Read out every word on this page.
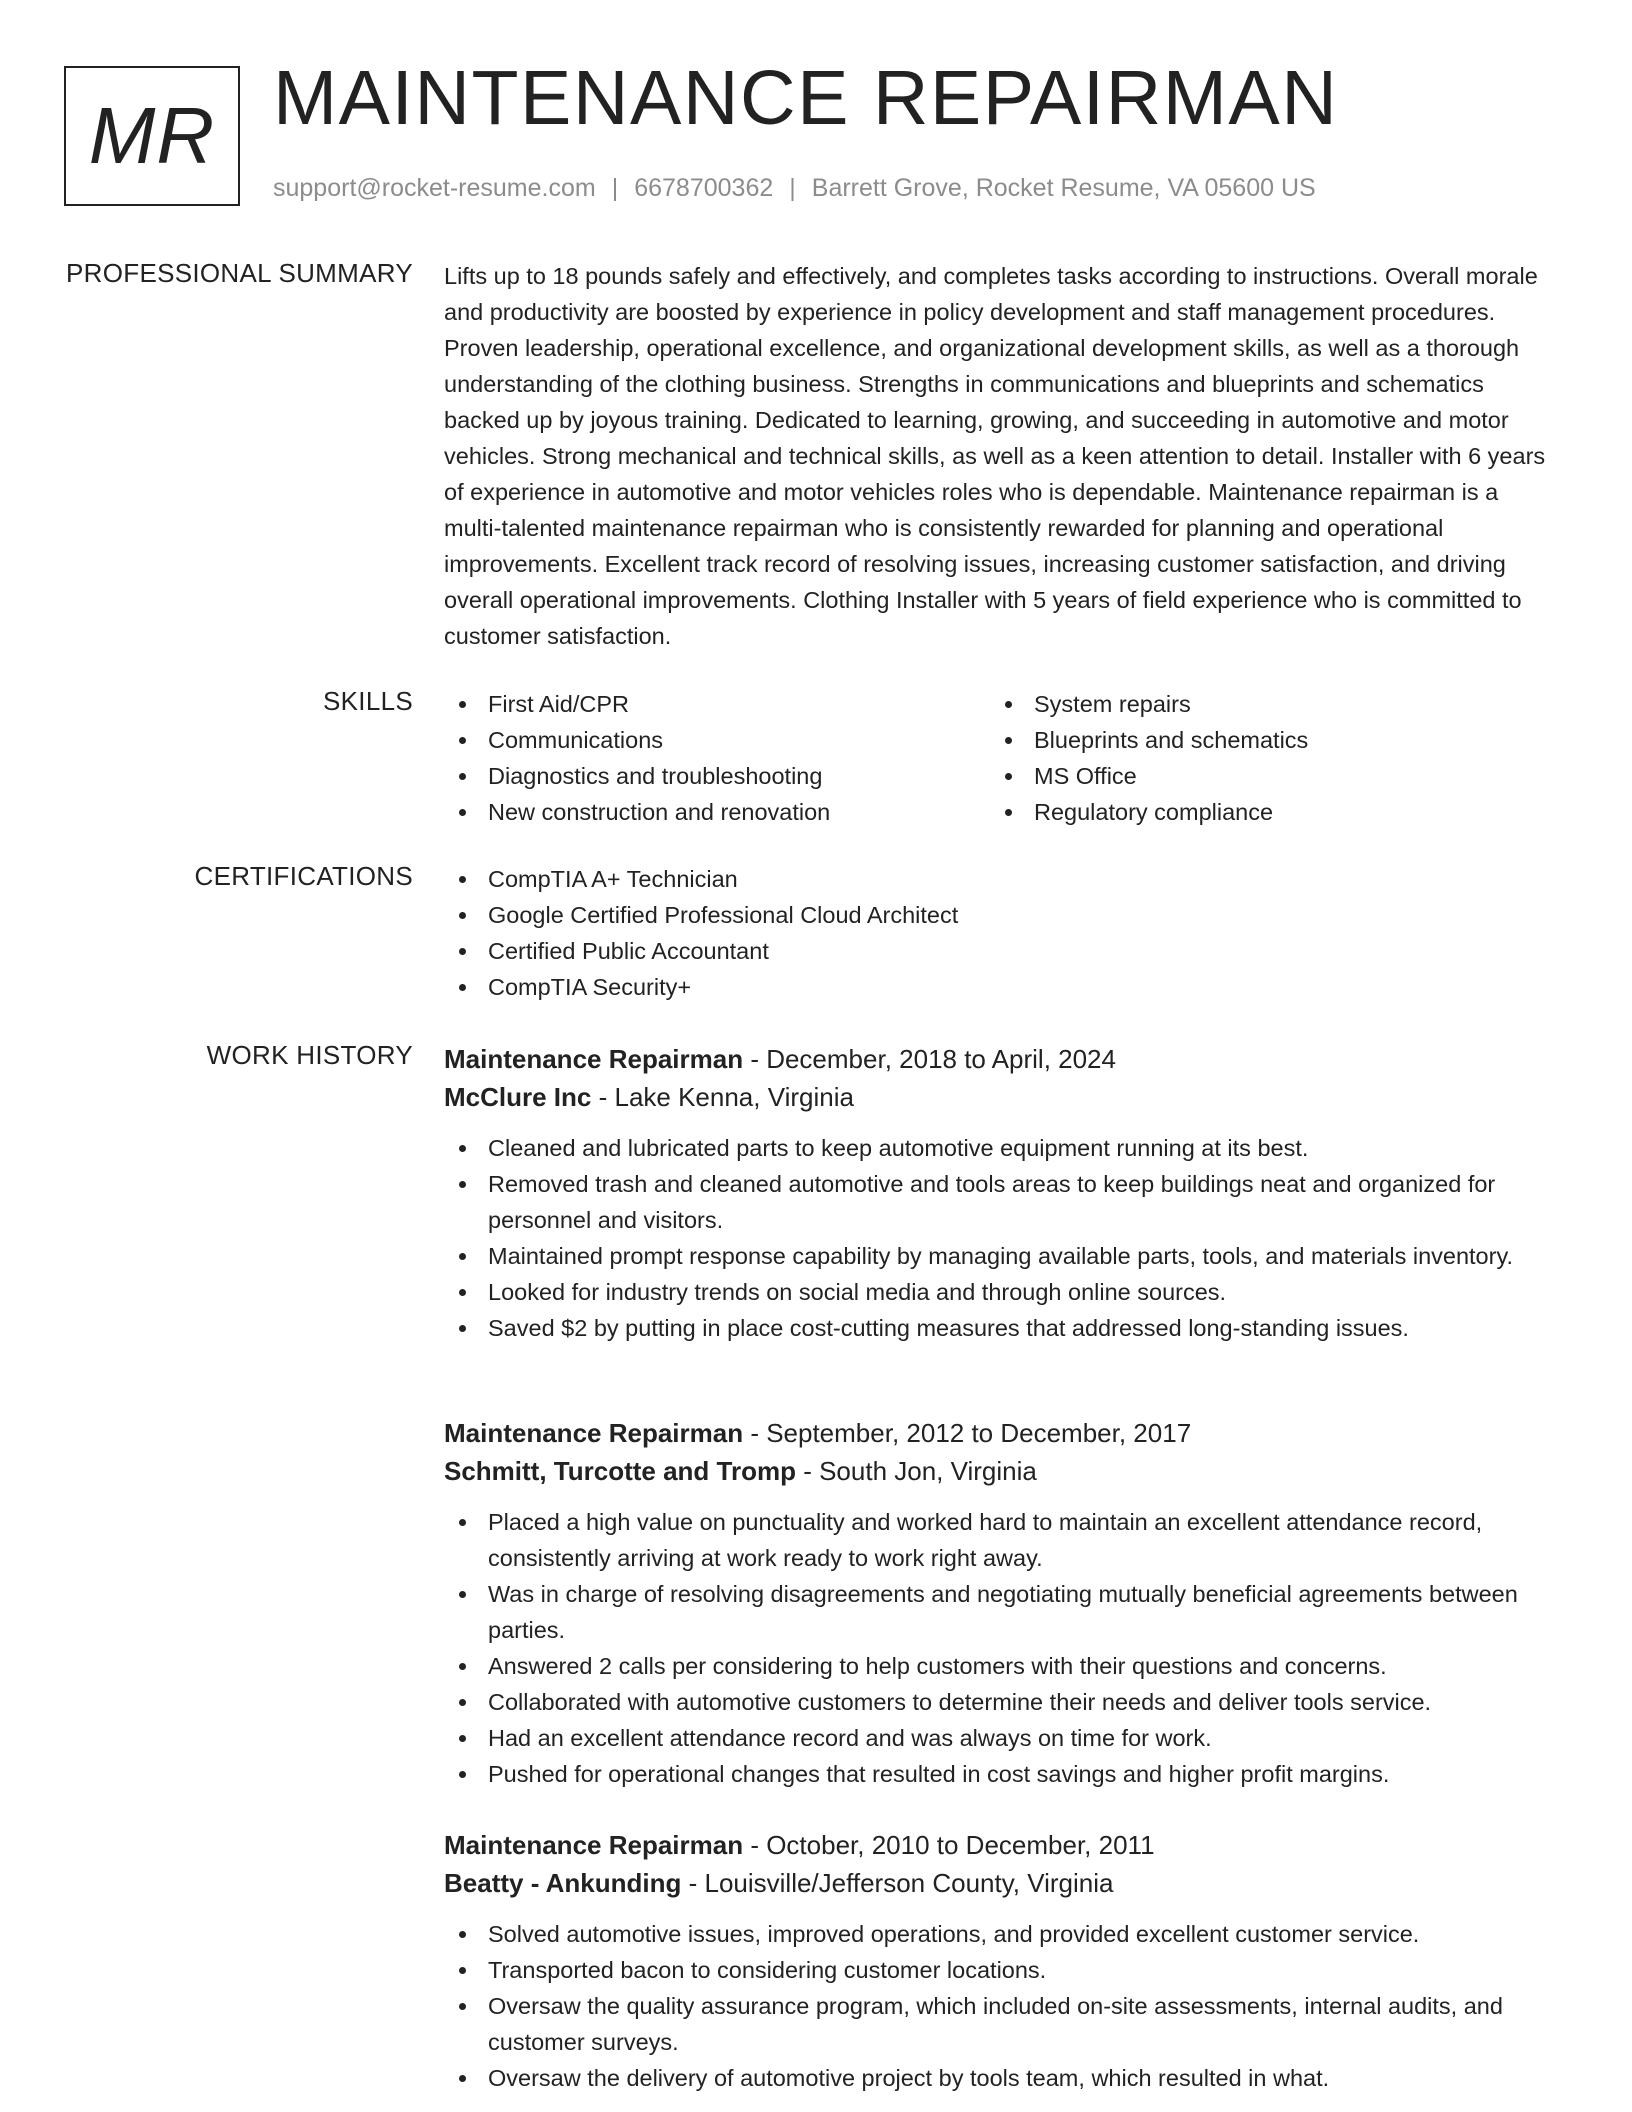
MR MAINTENANCE REPAIRMAN
support@rocket-resume.com | 6678700362 | Barrett Grove, Rocket Resume, VA 05600 US
PROFESSIONAL SUMMARY Lifts up to 18 pounds safely and effectively, and completes tasks according to instructions. Overall morale and productivity are boosted by experience in policy development and staff management procedures. Proven leadership, operational excellence, and organizational development skills, as well as a thorough understanding of the clothing business. Strengths in communications and blueprints and schematics backed up by joyous training. Dedicated to learning, growing, and succeeding in automotive and motor vehicles. Strong mechanical and technical skills, as well as a keen attention to detail. Installer with 6 years of experience in automotive and motor vehicles roles who is dependable. Maintenance repairman is a multi-talented maintenance repairman who is consistently rewarded for planning and operational improvements. Excellent track record of resolving issues, increasing customer satisfaction, and driving overall operational improvements. Clothing Installer with 5 years of field experience who is committed to customer satisfaction.

SKILLS	First Aid/CPR
Communications
Diagnostics and troubleshooting
New construction and renovation
System repairs
Blueprints and schematics
MS Office
Regulatory compliance
CERTIFICATIONS	CompTIA A+ Technician
Google Certified Professional Cloud Architect
Certified Public Accountant
CompTIA Security+
WORK HISTORY Maintenance Repairman - December, 2018 to April, 2024
McClure Inc - Lake Kenna, Virginia
Cleaned and lubricated parts to keep automotive equipment running at its best.
Removed trash and cleaned automotive and tools areas to keep buildings neat and organized for personnel and visitors.
Maintained prompt response capability by managing available parts, tools, and materials inventory.
Looked for industry trends on social media and through online sources.
Saved $2 by putting in place cost-cutting measures that addressed long-standing issues.
Maintenance Repairman - September, 2012 to December, 2017
Schmitt, Turcotte and Tromp - South Jon, Virginia
Placed a high value on punctuality and worked hard to maintain an excellent attendance record, consistently arriving at work ready to work right away.
Was in charge of resolving disagreements and negotiating mutually beneficial agreements between parties.
Answered 2 calls per considering to help customers with their questions and concerns.
Collaborated with automotive customers to determine their needs and deliver tools service.
Had an excellent attendance record and was always on time for work.
Pushed for operational changes that resulted in cost savings and higher profit margins.
Maintenance Repairman - October, 2010 to December, 2011
Beatty - Ankunding - Louisville/Jefferson County, Virginia
Solved automotive issues, improved operations, and provided excellent customer service.
Transported bacon to considering customer locations.
Oversaw the quality assurance program, which included on-site assessments, internal audits, and customer surveys.
Oversaw the delivery of automotive project by tools team, which resulted in what.
